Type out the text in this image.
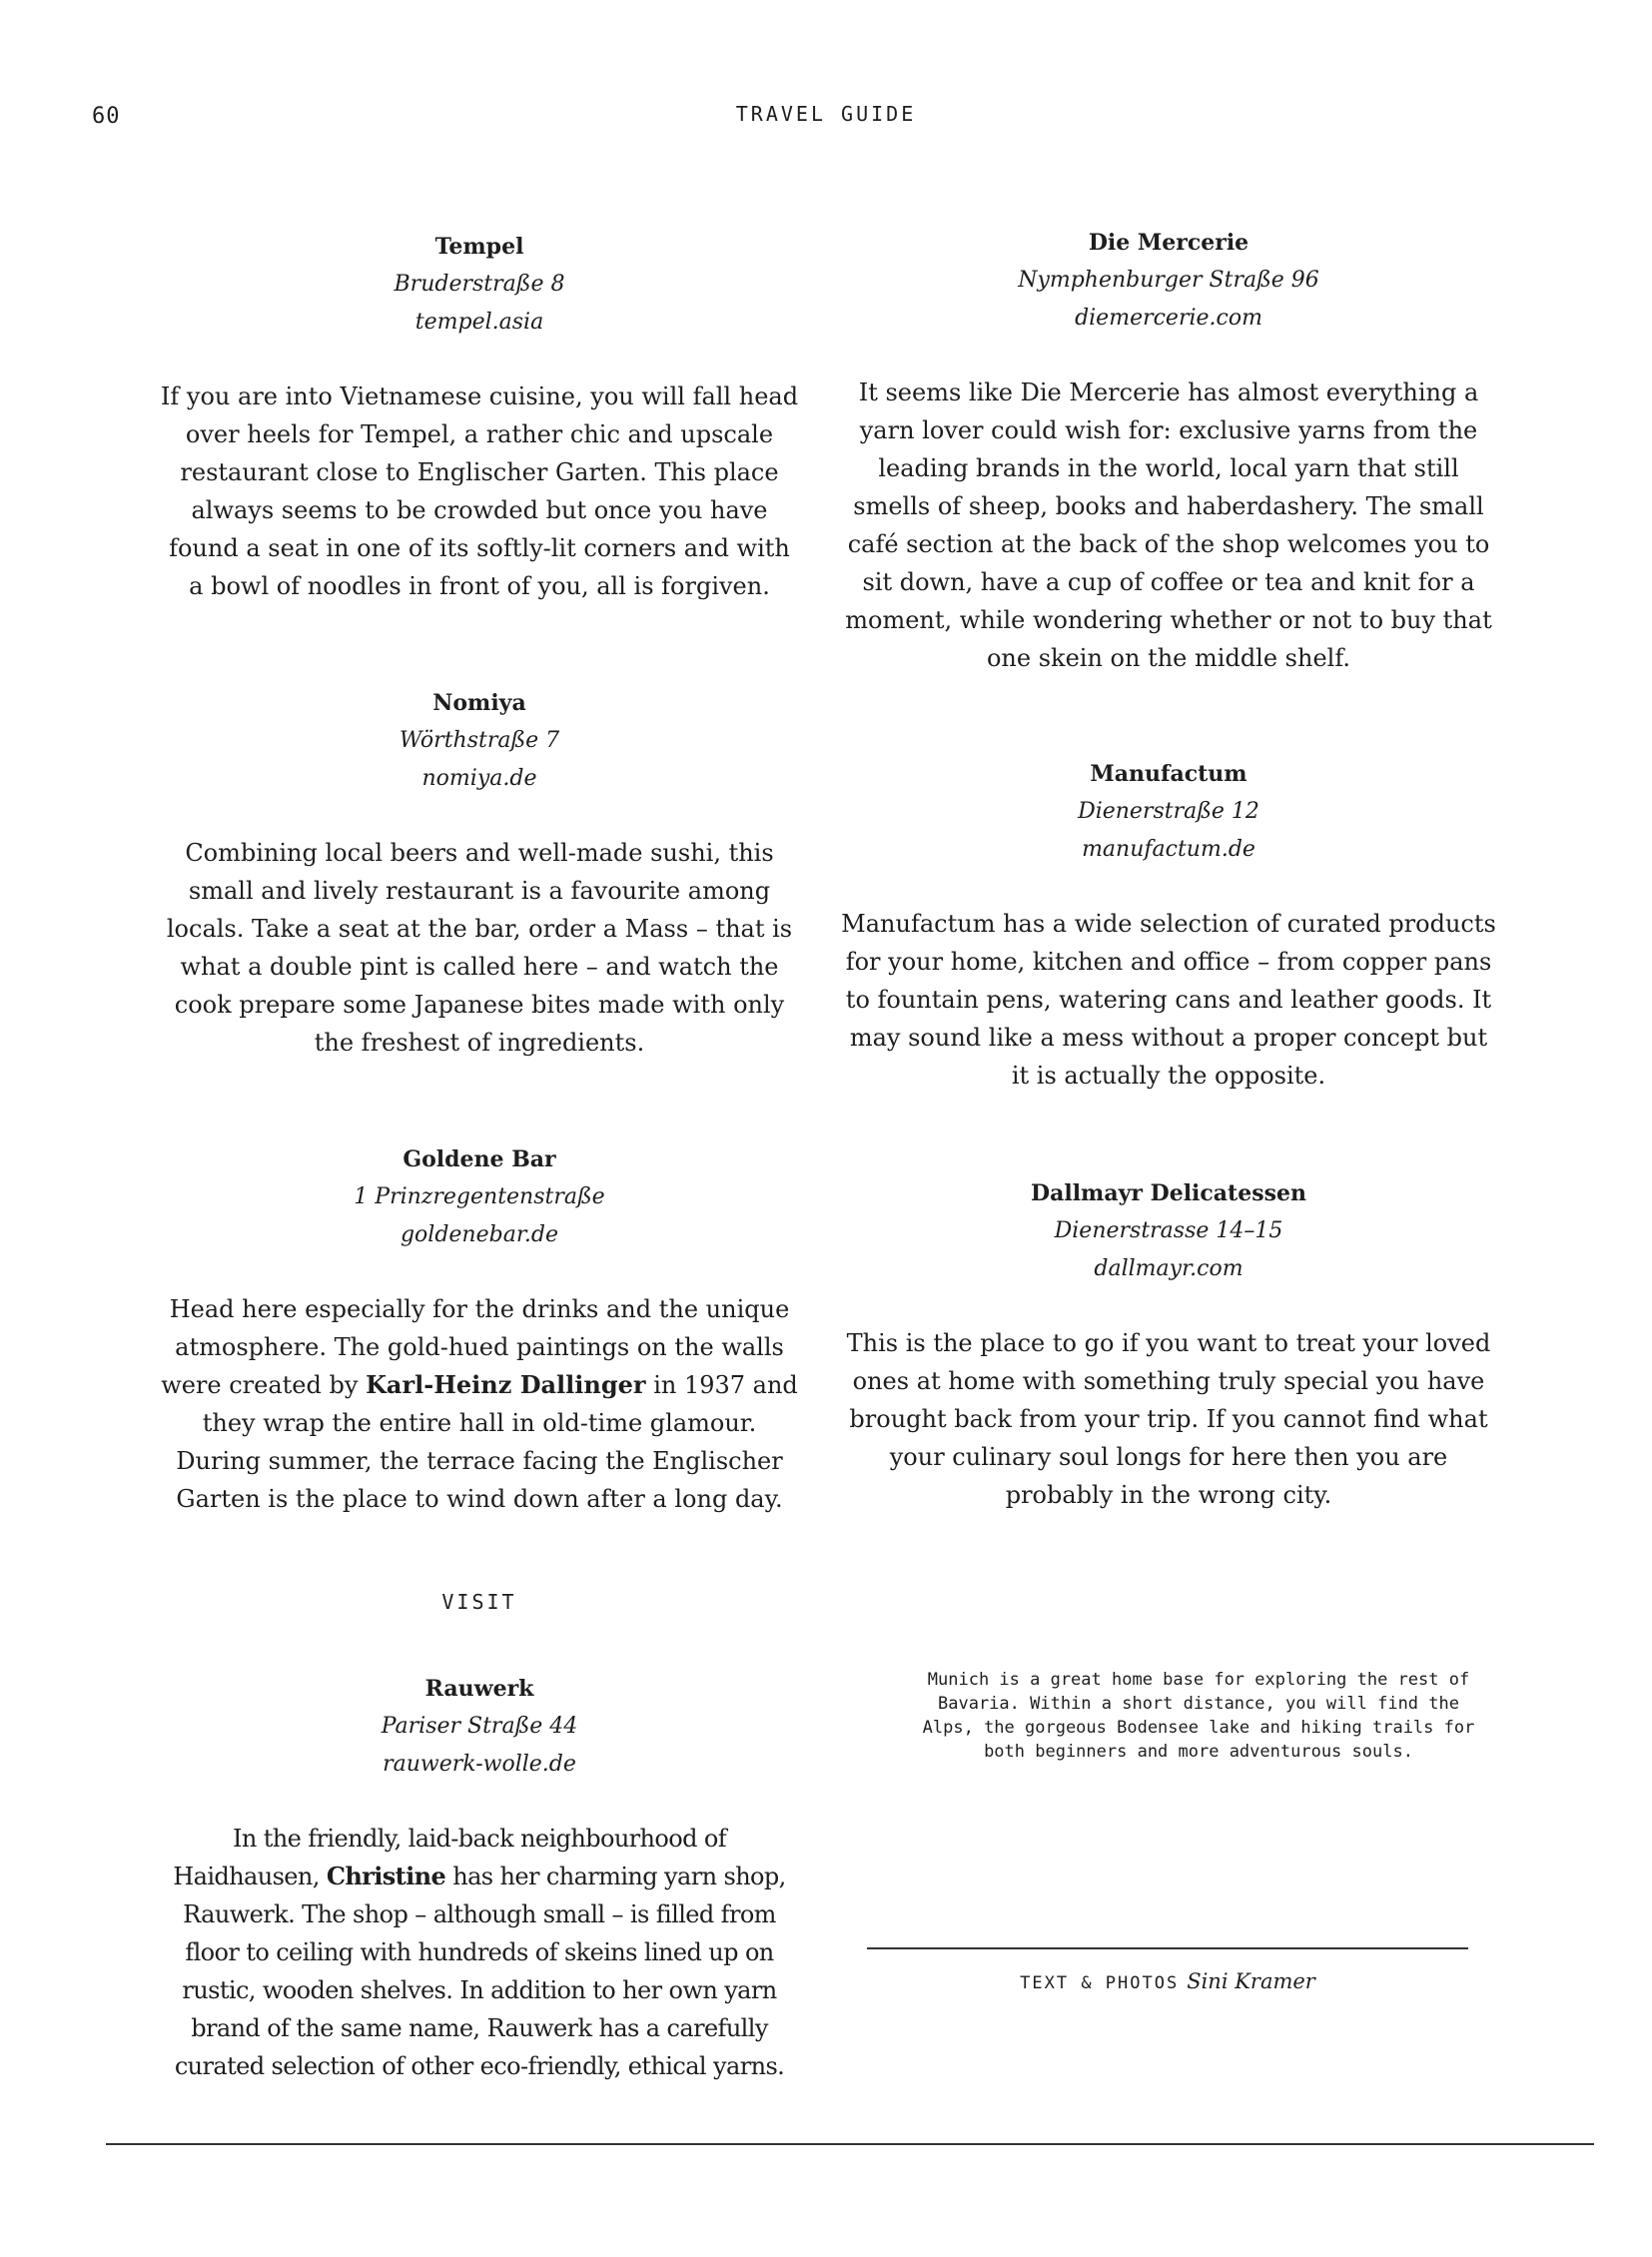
60	TRAVEL GUIDE
Tempel
Bruderstraße 8
tempel.asia
If you are into Vietnamese cuisine, you will fall head over heels for Tempel, a rather chic and upscale restaurant close to Englischer Garten. This place always seems to be crowded but once you have found a seat in one of its softly-lit corners and with a bowl of noodles in front of you, all is forgiven.
Nomiya
Wörthstraße 7
nomiya.de
Combining local beers and well-made sushi, this small and lively restaurant is a favourite among locals. Take a seat at the bar, order a Mass – that is what a double pint is called here – and watch the cook prepare some Japanese bites made with only the freshest of ingredients.
Goldene Bar
1 Prinzregentenstraße
goldenebar.de
Head here especially for the drinks and the unique atmosphere. The gold-hued paintings on the walls were created by Karl-Heinz Dallinger in 1937 and they wrap the entire hall in old-time glamour. During summer, the terrace facing the Englischer Garten is the place to wind down after a long day.
VISIT
Rauwerk
Pariser Straße 44
rauwerk-wolle.de
In the friendly, laid-back neighbourhood of Haidhausen, Christine has her charming yarn shop, Rauwerk. The shop – although small – is filled from floor to ceiling with hundreds of skeins lined up on rustic, wooden shelves. In addition to her own yarn brand of the same name, Rauwerk has a carefully curated selection of other eco-friendly, ethical yarns.
Die Mercerie
Nymphenburger Straße 96
diemercerie.com
It seems like Die Mercerie has almost everything a yarn lover could wish for: exclusive yarns from the leading brands in the world, local yarn that still smells of sheep, books and haberdashery. The small café section at the back of the shop welcomes you to sit down, have a cup of coffee or tea and knit for a moment, while wondering whether or not to buy that one skein on the middle shelf.
Manufactum
Dienerstraße 12
manufactum.de
Manufactum has a wide selection of curated products for your home, kitchen and office – from copper pans to fountain pens, watering cans and leather goods. It may sound like a mess without a proper concept but it is actually the opposite.
Dallmayr Delicatessen
Dienerstrasse 14–15
dallmayr.com
This is the place to go if you want to treat your loved ones at home with something truly special you have brought back from your trip. If you cannot find what your culinary soul longs for here then you are probably in the wrong city.
Munich is a great home base for exploring the rest of Bavaria. Within a short distance, you will find the Alps, the gorgeous Bodensee lake and hiking trails for both beginners and more adventurous souls.
TEXT & PHOTOS Sini Kramer
